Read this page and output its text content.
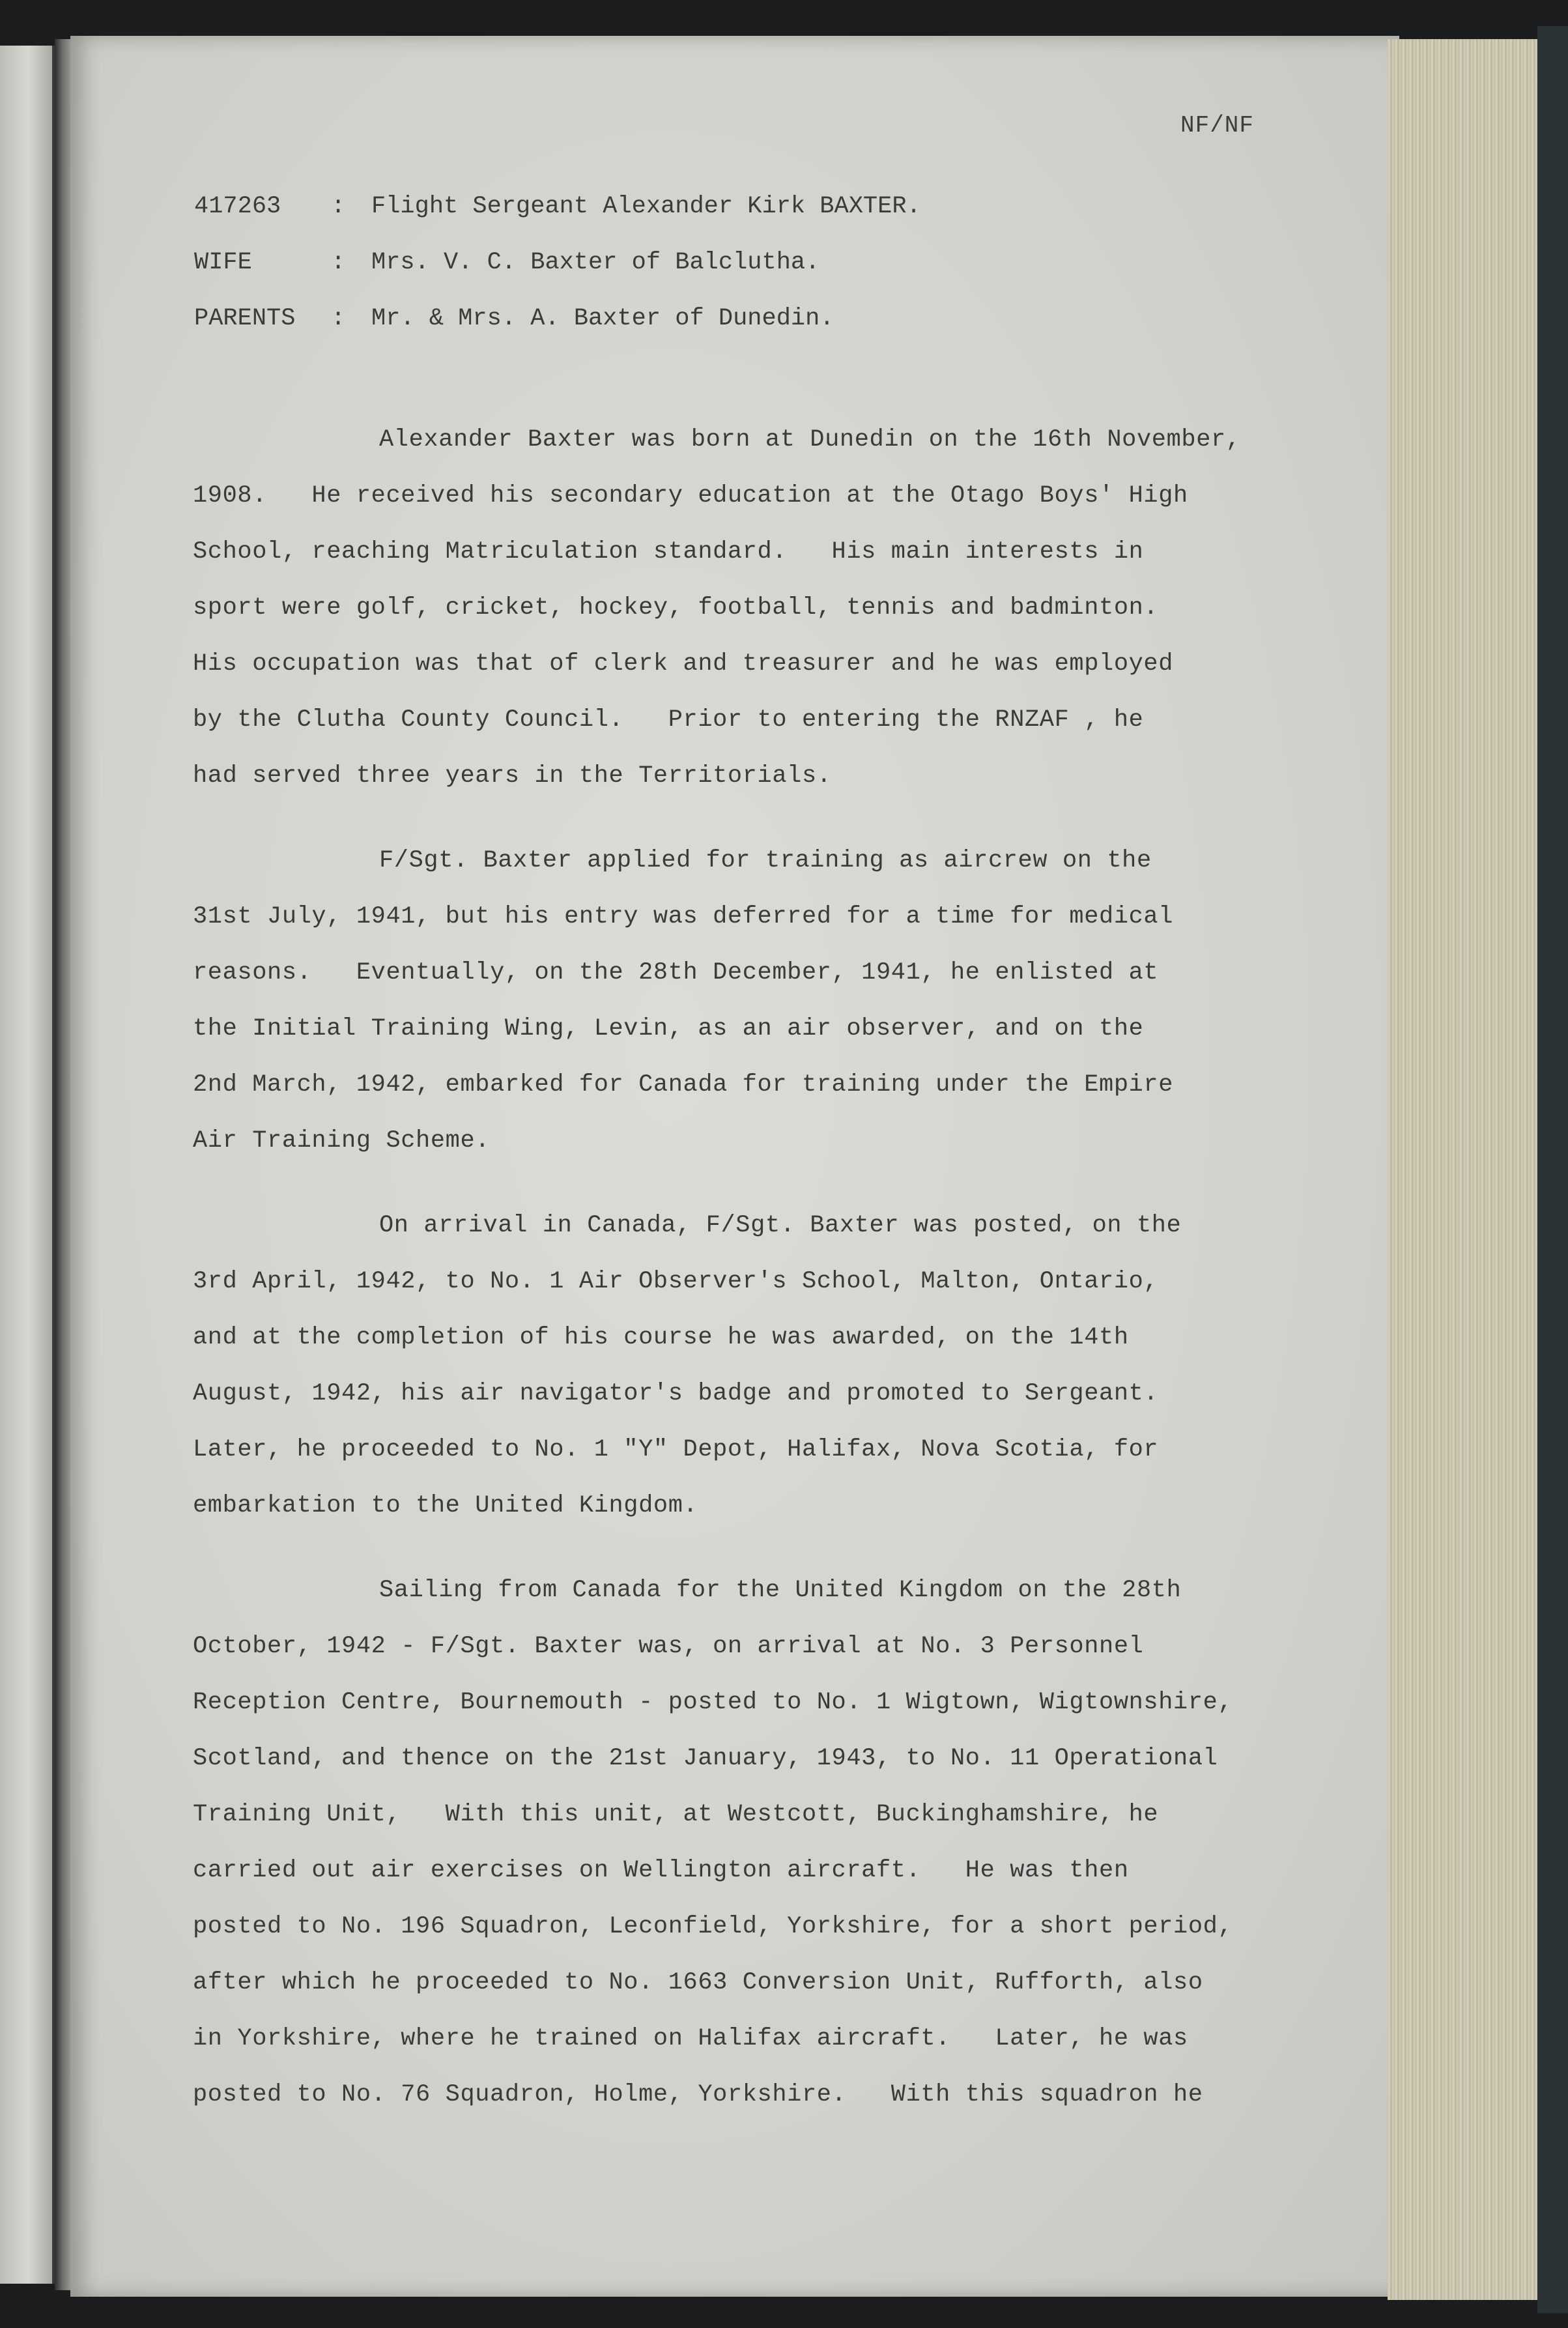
NF/NF
417263	:	Flight Sergeant Alexander Kirk BAXTER.
WIFE	:	Mrs. V. C. Baxter of Balclutha.
PARENTS	:	Mr. & Mrs. A. Baxter of Dunedin.
Alexander Baxter was born at Dunedin on the 16th November,
1908.   He received his secondary education at the Otago Boys' High
School, reaching Matriculation standard.   His main interests in
sport were golf, cricket, hockey, football, tennis and badminton.
His occupation was that of clerk and treasurer and he was employed
by the Clutha County Council.   Prior to entering the RNZAF , he
had served three years in the Territorials.
F/Sgt. Baxter applied for training as aircrew on the
31st July, 1941, but his entry was deferred for a time for medical
reasons.   Eventually, on the 28th December, 1941, he enlisted at
the Initial Training Wing, Levin, as an air observer, and on the
2nd March, 1942, embarked for Canada for training under the Empire
Air Training Scheme.
On arrival in Canada, F/Sgt. Baxter was posted, on the
3rd April, 1942, to No. 1 Air Observer's School, Malton, Ontario,
and at the completion of his course he was awarded, on the 14th
August, 1942, his air navigator's badge and promoted to Sergeant.
Later, he proceeded to No. 1 "Y" Depot, Halifax, Nova Scotia, for
embarkation to the United Kingdom.
Sailing from Canada for the United Kingdom on the 28th
October, 1942 - F/Sgt. Baxter was, on arrival at No. 3 Personnel
Reception Centre, Bournemouth - posted to No. 1 Wigtown, Wigtownshire,
Scotland, and thence on the 21st January, 1943, to No. 11 Operational
Training Unit,   With this unit, at Westcott, Buckinghamshire, he
carried out air exercises on Wellington aircraft.   He was then
posted to No. 196 Squadron, Leconfield, Yorkshire, for a short period,
after which he proceeded to No. 1663 Conversion Unit, Rufforth, also
in Yorkshire, where he trained on Halifax aircraft.   Later, he was
posted to No. 76 Squadron, Holme, Yorkshire.   With this squadron he
